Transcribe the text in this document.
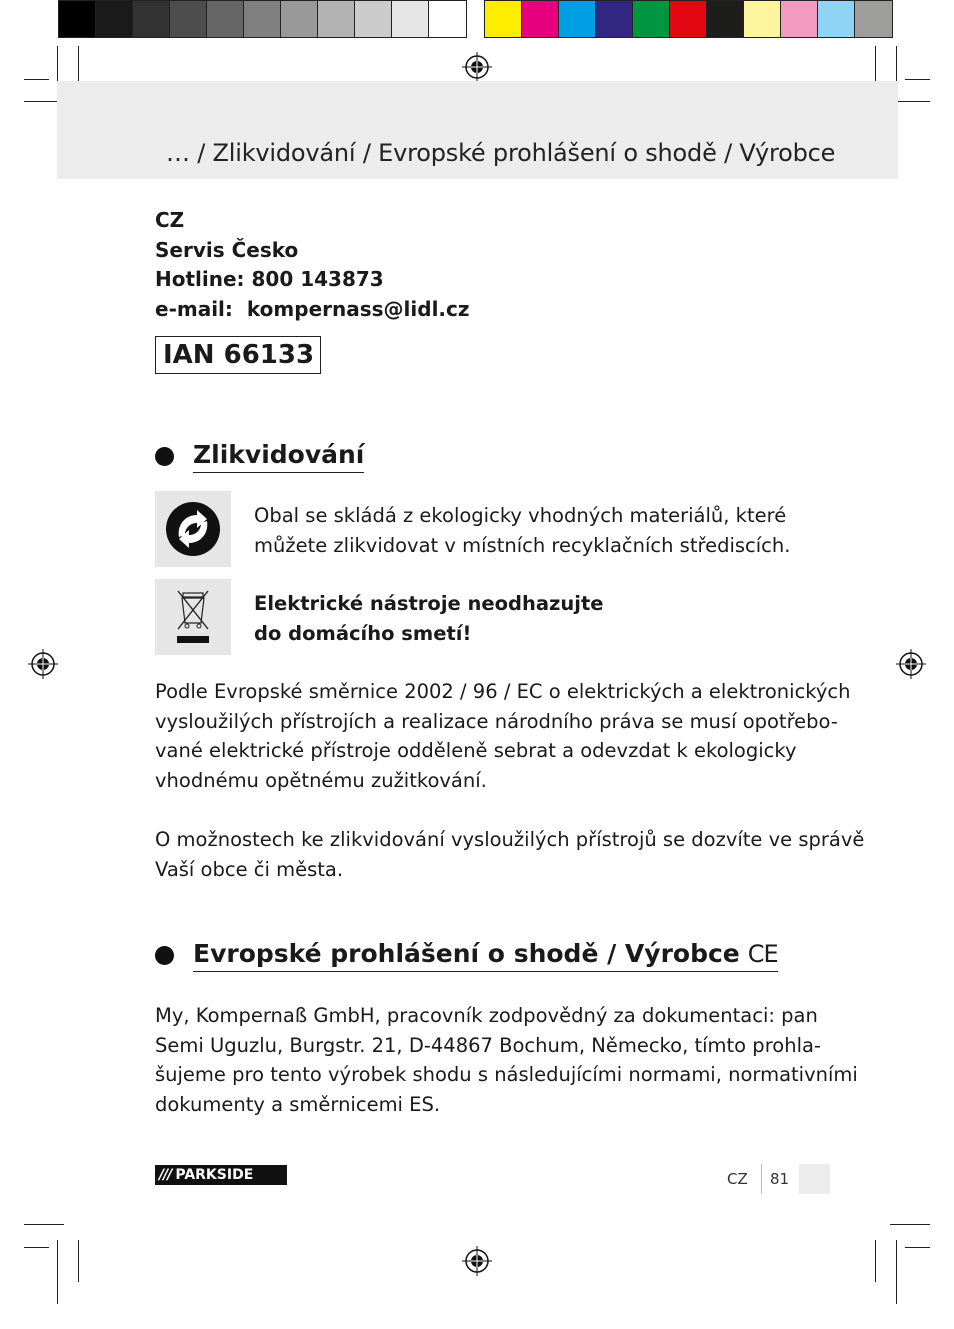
… / Zlikvidování / Evropské prohlášení o shodě / Výrobce
CZ
Servis Česko
Hotline: 800 143873
e-mail: kompernass@lidl.cz
IAN 66133
Zlikvidování
Obal se skládá z ekologicky vhodných materiálů, které
můžete zlikvidovat v místních recyklačních střediscích.
Elektrické nástroje neodhazujte
do domácího smetí!
Podle Evropské směrnice 2002 / 96 / EC o elektrických a elektronických
vysloužilých přístrojích a realizace národního práva se musí opotřebo-
vané elektrické přístroje odděleně sebrat a odevzdat k ekologicky
vhodnému opětnému zužitkování.
O možnostech ke zlikvidování vysloužilých přístrojů se dozvíte ve správě
Vaší obce či města.
Evropské prohlášení o shodě / Výrobce CE
My, Kompernaß GmbH, pracovník zodpovědný za dokumentaci: pan
Semi Uguzlu, Burgstr. 21, D-44867 Bochum, Německo, tímto prohla-
šujeme pro tento výrobek shodu s následujícími normami, normativními
dokumenty a směrnicemi ES.
/// PARKSIDE	CZ 81
